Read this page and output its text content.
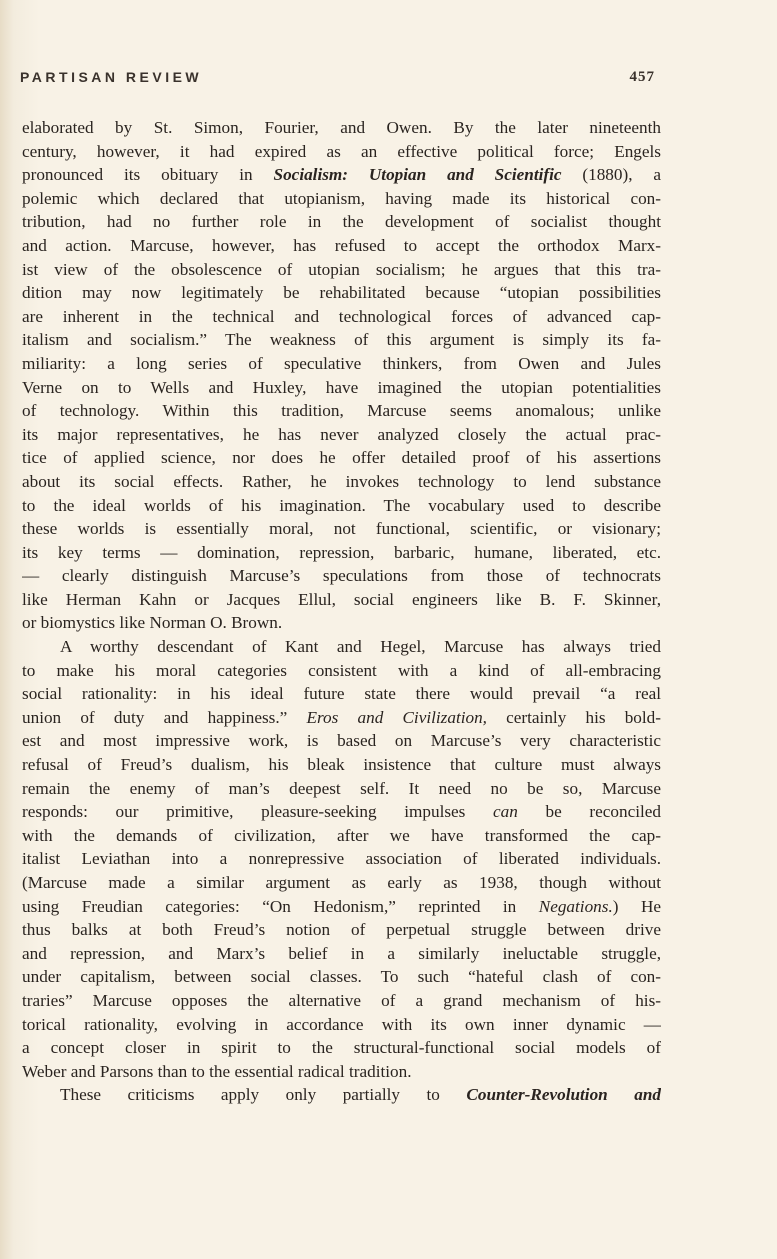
PARTISAN REVIEW	457
elaborated by St. Simon, Fourier, and Owen. By the later nineteenth
century, however, it had expired as an effective political force; Engels
pronounced its obituary in Socialism: Utopian and Scientific (1880), a
polemic which declared that utopianism, having made its historical con-
tribution, had no further role in the development of socialist thought
and action. Marcuse, however, has refused to accept the orthodox Marx-
ist view of the obsolescence of utopian socialism; he argues that this tra-
dition may now legitimately be rehabilitated because “utopian possibilities
are inherent in the technical and technological forces of advanced cap-
italism and socialism.” The weakness of this argument is simply its fa-
miliarity: a long series of speculative thinkers, from Owen and Jules
Verne on to Wells and Huxley, have imagined the utopian potentialities
of technology. Within this tradition, Marcuse seems anomalous; unlike
its major representatives, he has never analyzed closely the actual prac-
tice of applied science, nor does he offer detailed proof of his assertions
about its social effects. Rather, he invokes technology to lend substance
to the ideal worlds of his imagination. The vocabulary used to describe
these worlds is essentially moral, not functional, scientific, or visionary;
its key terms — domination, repression, barbaric, humane, liberated, etc.
— clearly distinguish Marcuse’s speculations from those of technocrats
like Herman Kahn or Jacques Ellul, social engineers like B. F. Skinner,
or biomystics like Norman O. Brown.
A worthy descendant of Kant and Hegel, Marcuse has always tried
to make his moral categories consistent with a kind of all-embracing
social rationality: in his ideal future state there would prevail “a real
union of duty and happiness.” Eros and Civilization, certainly his bold-
est and most impressive work, is based on Marcuse’s very characteristic
refusal of Freud’s dualism, his bleak insistence that culture must always
remain the enemy of man’s deepest self. It need no be so, Marcuse
responds: our primitive, pleasure-seeking impulses can be reconciled
with the demands of civilization, after we have transformed the cap-
italist Leviathan into a nonrepressive association of liberated individuals.
(Marcuse made a similar argument as early as 1938, though without
using Freudian categories: “On Hedonism,” reprinted in Negations.) He
thus balks at both Freud’s notion of perpetual struggle between drive
and repression, and Marx’s belief in a similarly ineluctable struggle,
under capitalism, between social classes. To such “hateful clash of con-
traries” Marcuse opposes the alternative of a grand mechanism of his-
torical rationality, evolving in accordance with its own inner dynamic —
a concept closer in spirit to the structural-functional social models of
Weber and Parsons than to the essential radical tradition.
These criticisms apply only partially to Counter-Revolution and
